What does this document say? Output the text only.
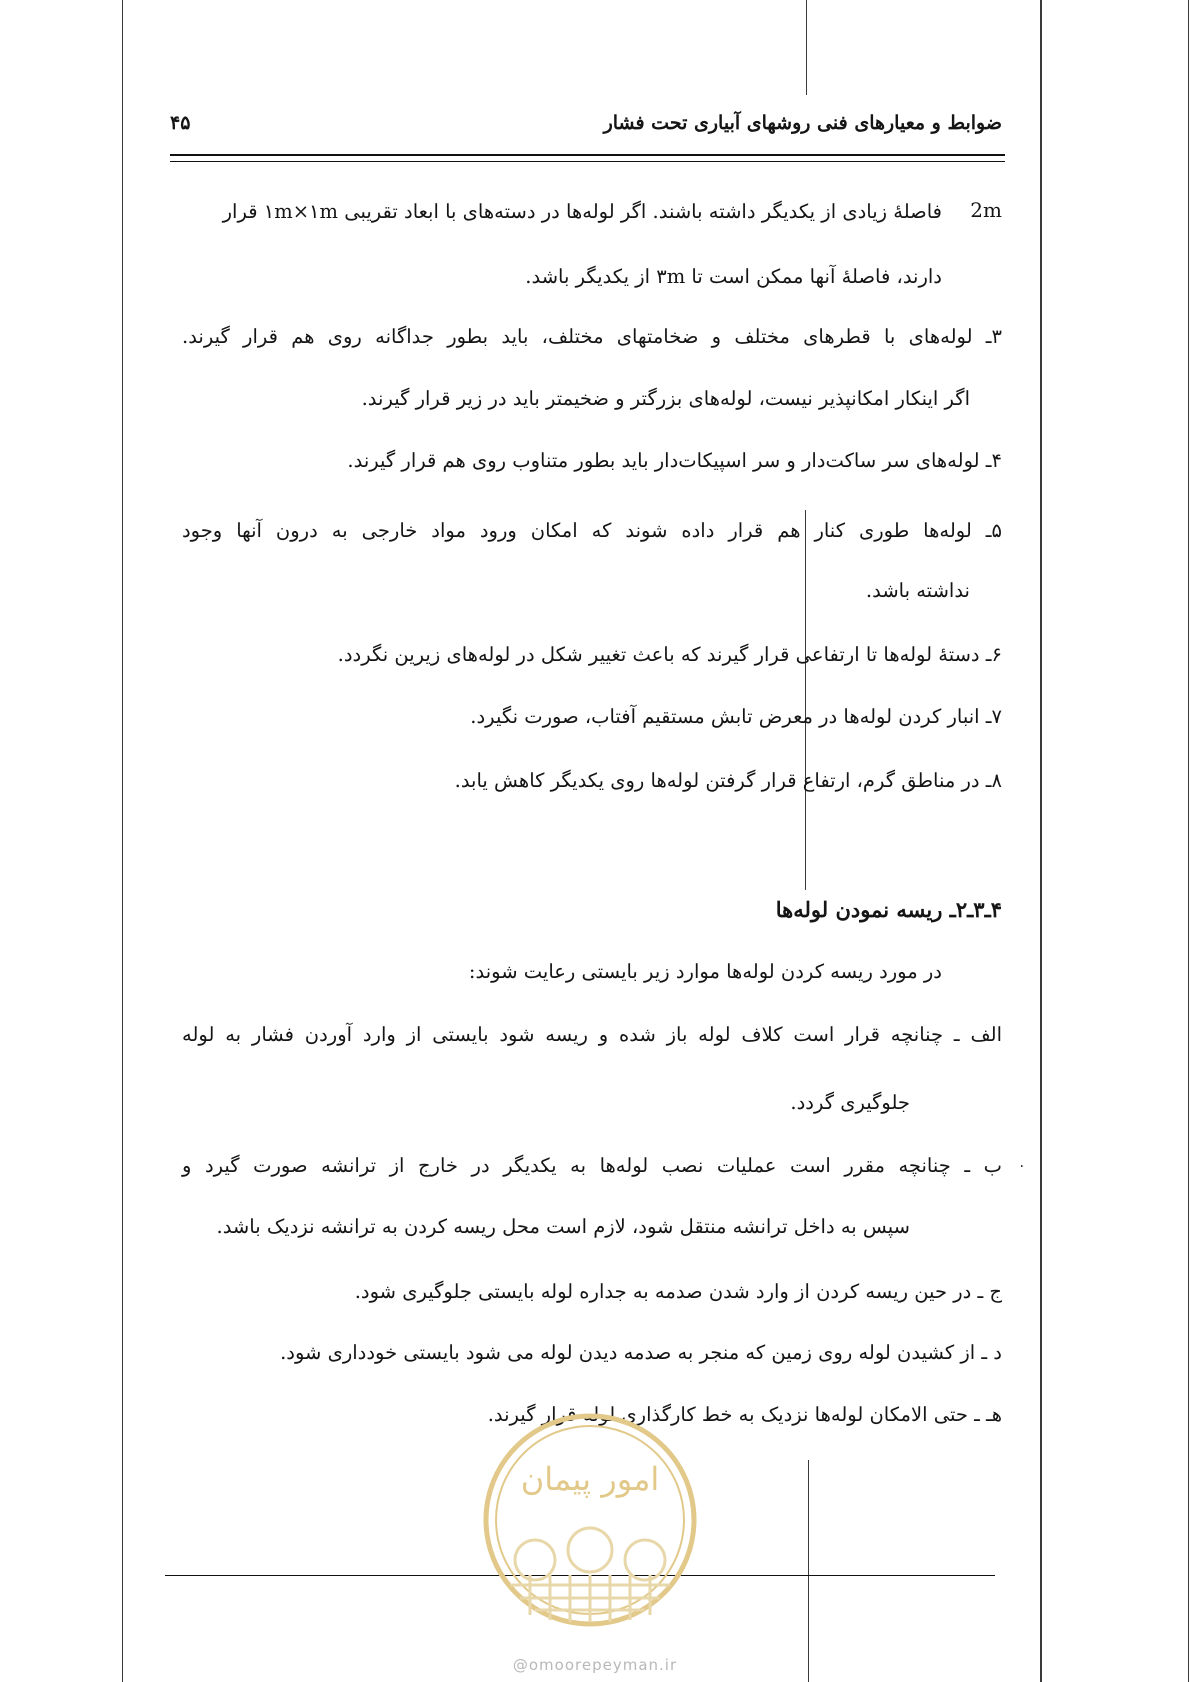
ضوابط و معیارهای فنی روشهای آبیاری تحت فشار
۴۵
2m
فاصلهٔ زیادی از یکدیگر داشته باشند. اگر لوله‌ها در دسته‌های با ابعاد تقریبی ۱m×۱m قرار
دارند، فاصلهٔ آنها ممکن است تا ۳m از یکدیگر باشد.
۳ـ لوله‌های با قطرهای مختلف و ضخامتهای مختلف، باید بطور جداگانه روی هم قرار گیرند.
اگر اینکار امکانپذیر نیست، لوله‌های بزرگتر و ضخیمتر باید در زیر قرار گیرند.
۴ـ لوله‌های سر ساکت‌دار و سر اسپیکات‌دار باید بطور متناوب روی هم قرار گیرند.
۵ـ لوله‌ها طوری کنار هم قرار داده شوند که امکان ورود مواد خارجی به درون آنها وجود
نداشته باشد.
۶ـ دستهٔ لوله‌ها تا ارتفاعی قرار گیرند که باعث تغییر شکل در لوله‌های زیرین نگردد.
۷ـ انبار کردن لوله‌ها در معرض تابش مستقیم آفتاب، صورت نگیرد.
۸ـ در مناطق گرم، ارتفاع قرار گرفتن لوله‌ها روی یکدیگر کاهش یابد.
۴ـ۳ـ۲ـ ریسه نمودن لوله‌ها
در مورد ریسه کردن لوله‌ها موارد زیر بایستی رعایت شوند:
الف ـ چنانچه قرار است کلاف لوله باز شده و ریسه شود بایستی از وارد آوردن فشار به لوله
جلوگیری گردد.
ب ـ چنانچه مقرر است عملیات نصب لوله‌ها به یکدیگر در خارج از ترانشه صورت گیرد و ۰
سپس به داخل ترانشه منتقل شود، لازم است محل ریسه کردن به ترانشه نزدیک باشد.
ج ـ در حین ریسه کردن از وارد شدن صدمه به جداره لوله بایستی جلوگیری شود.
د ـ از کشیدن لوله روی زمین که منجر به صدمه دیدن لوله می شود بایستی خودداری شود.
هـ ـ حتی الامکان لوله‌ها نزدیک به خط کارگذاری لوله قرار گیرند.
امور پیمان
@omoorepeyman.ir
